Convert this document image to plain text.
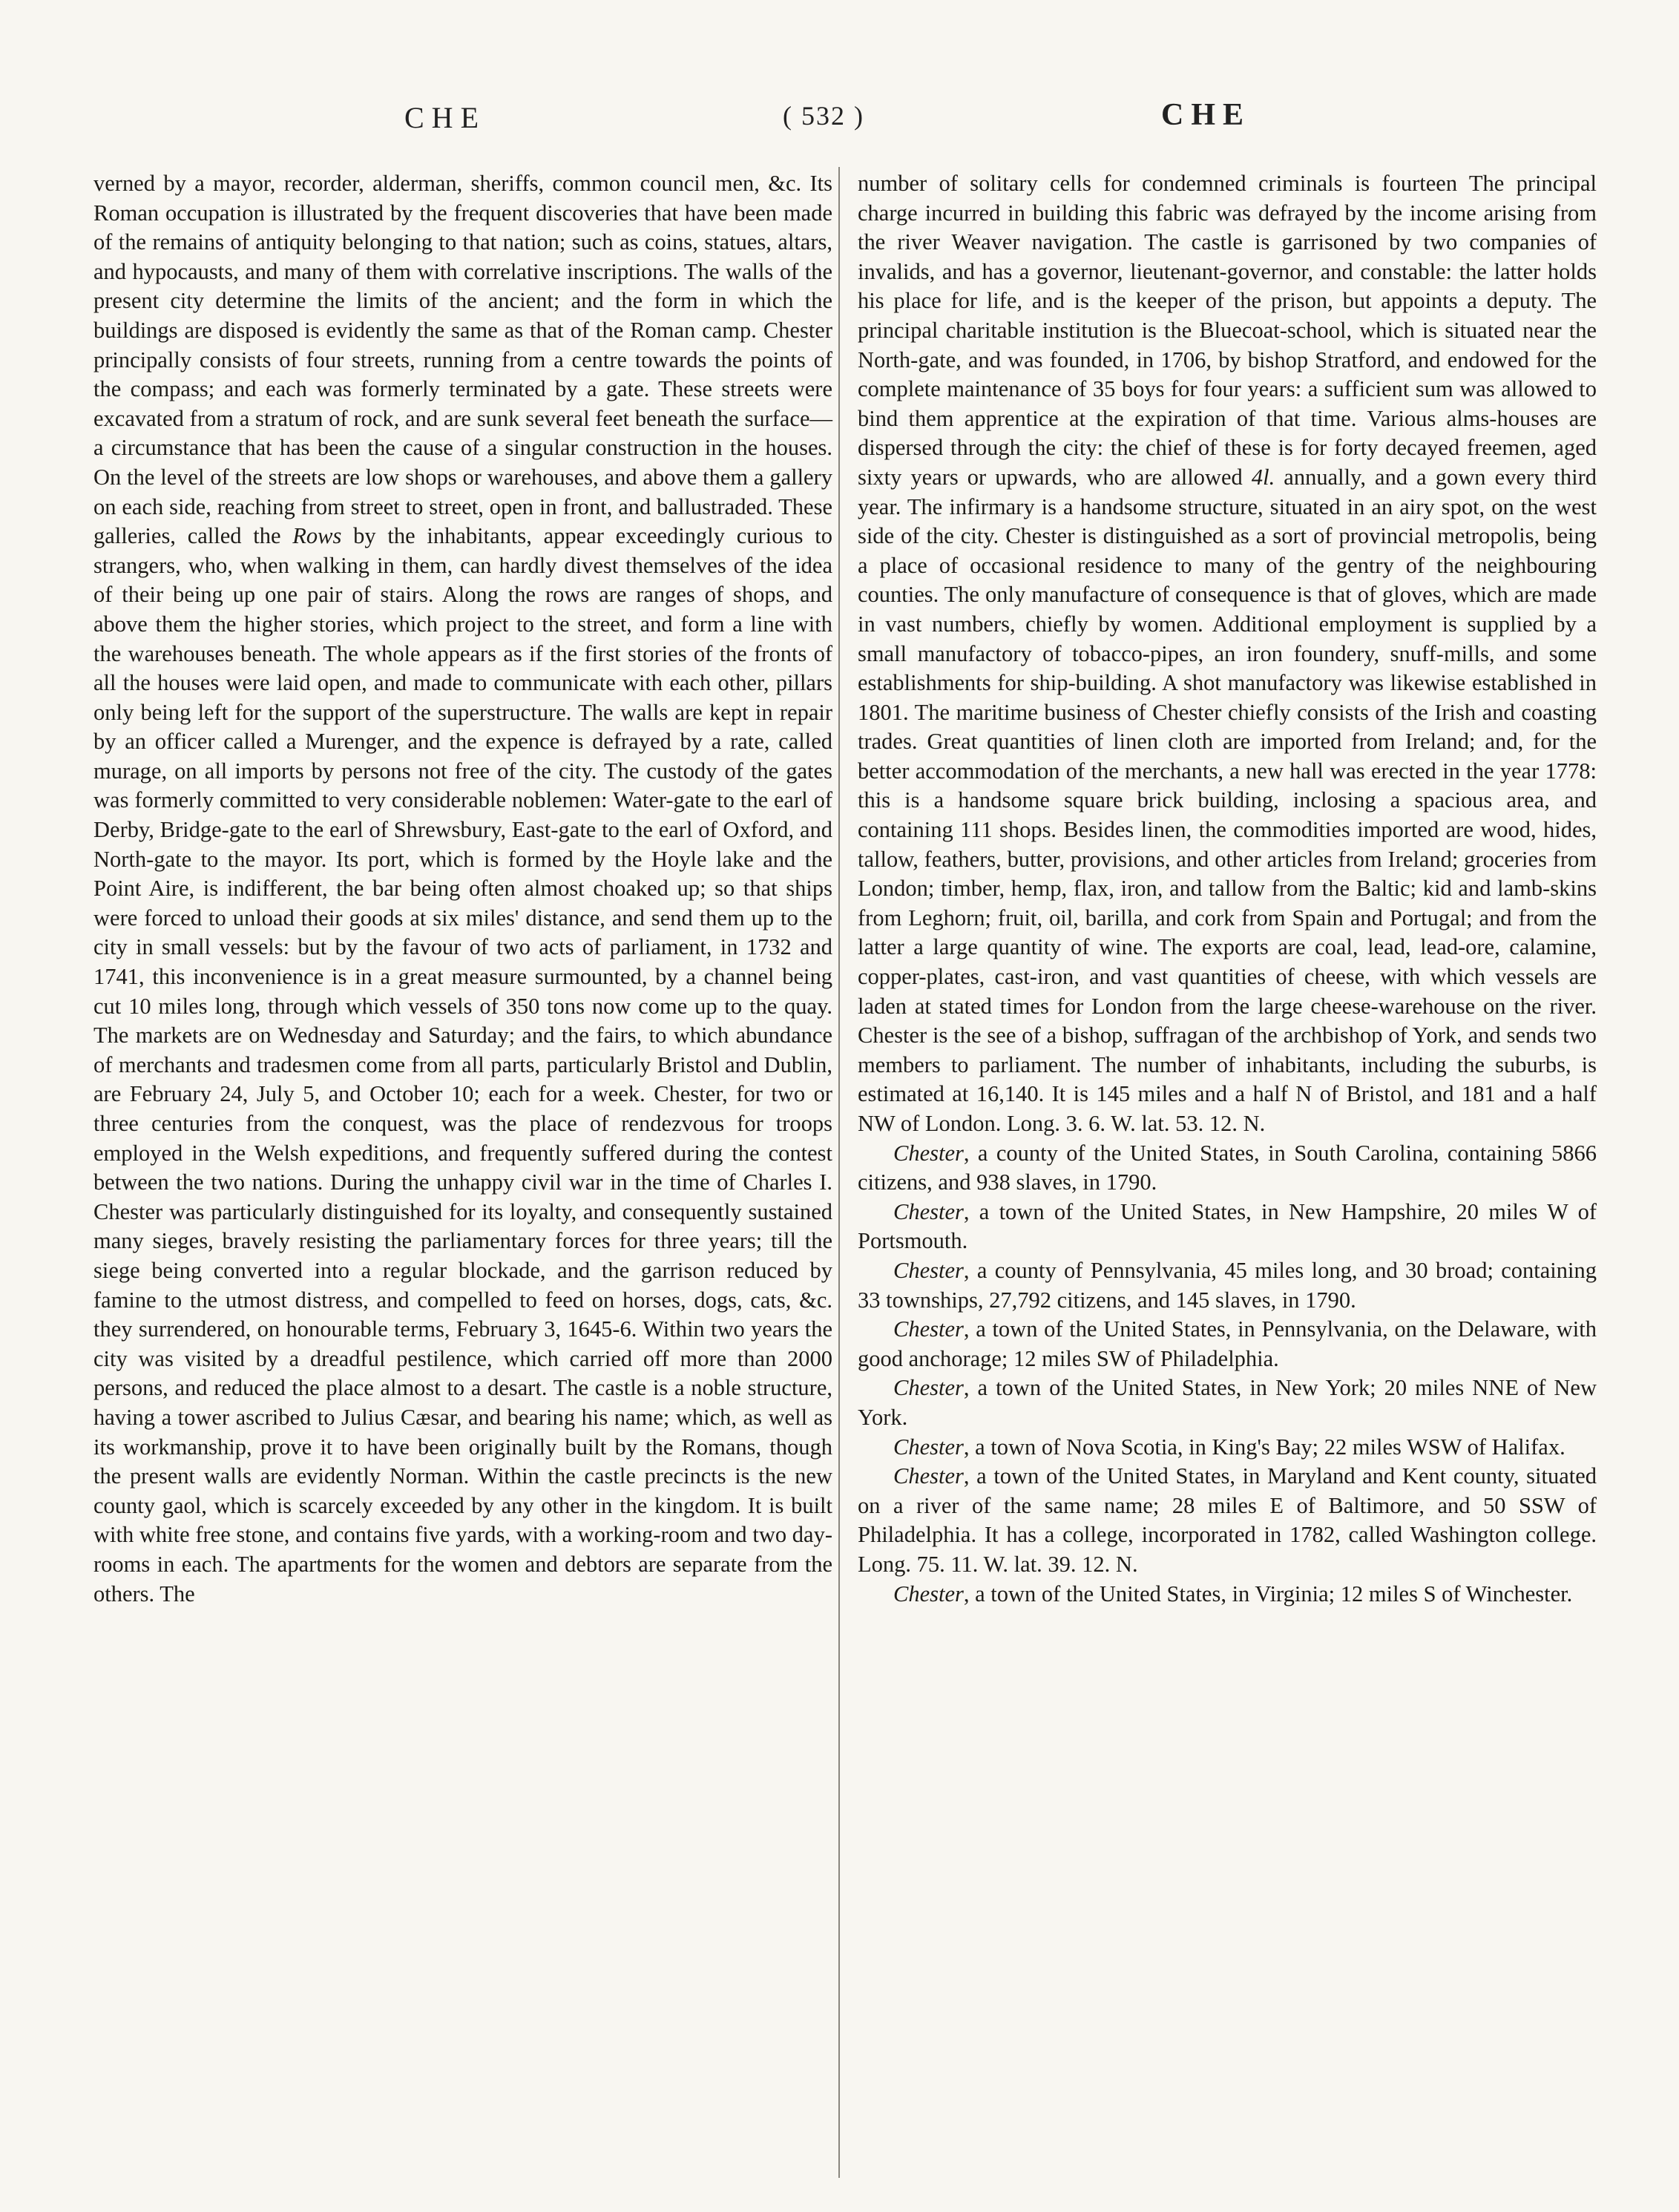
CHE	( 532 )	CHE

verned by a mayor, recorder, alderman, sheriffs, common council men, &c. Its Roman occupation is illustrated by the frequent discoveries that have been made of the remains of antiquity belonging to that nation; such as coins, statues, altars, and hypocausts, and many of them with correlative inscriptions. The walls of the present city determine the limits of the ancient; and the form in which the buildings are disposed is evidently the same as that of the Roman camp. Chester principally consists of four streets, running from a centre towards the points of the compass; and each was formerly terminated by a gate. These streets were excavated from a stratum of rock, and are sunk several feet beneath the surface—a circumstance that has been the cause of a singular construction in the houses. On the level of the streets are low shops or warehouses, and above them a gallery on each side, reaching from street to street, open in front, and ballustraded. These galleries, called the Rows by the inhabitants, appear exceedingly curious to strangers, who, when walking in them, can hardly divest themselves of the idea of their being up one pair of stairs. Along the rows are ranges of shops, and above them the higher stories, which project to the street, and form a line with the warehouses beneath. The whole appears as if the first stories of the fronts of all the houses were laid open, and made to communicate with each other, pillars only being left for the support of the superstructure. The walls are kept in repair by an officer called a Murenger, and the expence is defrayed by a rate, called murage, on all imports by persons not free of the city. The custody of the gates was formerly committed to very considerable noblemen: Water-gate to the earl of Derby, Bridge-gate to the earl of Shrewsbury, East-gate to the earl of Oxford, and North-gate to the mayor. Its port, which is formed by the Hoyle lake and the Point Aire, is indifferent, the bar being often almost choaked up; so that ships were forced to unload their goods at six miles' distance, and send them up to the city in small vessels: but by the favour of two acts of parliament, in 1732 and 1741, this inconvenience is in a great measure surmounted, by a channel being cut 10 miles long, through which vessels of 350 tons now come up to the quay. The markets are on Wednesday and Saturday; and the fairs, to which abundance of merchants and tradesmen come from all parts, particularly Bristol and Dublin, are February 24, July 5, and October 10; each for a week. Chester, for two or three centuries from the conquest, was the place of rendezvous for troops employed in the Welsh expeditions, and frequently suffered during the contest between the two nations. During the unhappy civil war in the time of Charles I. Chester was particularly distinguished for its loyalty, and consequently sustained many sieges, bravely resisting the parliamentary forces for three years; till the siege being converted into a regular blockade, and the garrison reduced by famine to the utmost distress, and compelled to feed on horses, dogs, cats, &c. they surrendered, on honourable terms, February 3, 1645-6. Within two years the city was visited by a dreadful pestilence, which carried off more than 2000 persons, and reduced the place almost to a desart. The castle is a noble structure, having a tower ascribed to Julius Cæsar, and bearing his name; which, as well as its workmanship, prove it to have been originally built by the Romans, though the present walls are evidently Norman. Within the castle precincts is the new county gaol, which is scarcely exceeded by any other in the kingdom. It is built with white free stone, and contains five yards, with a working-room and two day-rooms in each. The apartments for the women and debtors are separate from the others. The

number of solitary cells for condemned criminals is fourteen The principal charge incurred in building this fabric was defrayed by the income arising from the river Weaver navigation. The castle is garrisoned by two companies of invalids, and has a governor, lieutenant-governor, and constable: the latter holds his place for life, and is the keeper of the prison, but appoints a deputy. The principal charitable institution is the Bluecoat-school, which is situated near the North-gate, and was founded, in 1706, by bishop Stratford, and endowed for the complete maintenance of 35 boys for four years: a sufficient sum was allowed to bind them apprentice at the expiration of that time. Various alms-houses are dispersed through the city: the chief of these is for forty decayed freemen, aged sixty years or upwards, who are allowed 4l. annually, and a gown every third year. The infirmary is a handsome structure, situated in an airy spot, on the west side of the city. Chester is distinguished as a sort of provincial metropolis, being a place of occasional residence to many of the gentry of the neighbouring counties. The only manufacture of consequence is that of gloves, which are made in vast numbers, chiefly by women. Additional employment is supplied by a small manufactory of tobacco-pipes, an iron foundery, snuff-mills, and some establishments for ship-building. A shot manufactory was likewise established in 1801. The maritime business of Chester chiefly consists of the Irish and coasting trades. Great quantities of linen cloth are imported from Ireland; and, for the better accommodation of the merchants, a new hall was erected in the year 1778: this is a handsome square brick building, inclosing a spacious area, and containing 111 shops. Besides linen, the commodities imported are wood, hides, tallow, feathers, butter, provisions, and other articles from Ireland; groceries from London; timber, hemp, flax, iron, and tallow from the Baltic; kid and lamb-skins from Leghorn; fruit, oil, barilla, and cork from Spain and Portugal; and from the latter a large quantity of wine. The exports are coal, lead, lead-ore, calamine, copper-plates, cast-iron, and vast quantities of cheese, with which vessels are laden at stated times for London from the large cheese-warehouse on the river. Chester is the see of a bishop, suffragan of the archbishop of York, and sends two members to parliament. The number of inhabitants, including the suburbs, is estimated at 16,140. It is 145 miles and a half N of Bristol, and 181 and a half NW of London. Long. 3. 6. W. lat. 53. 12. N.

Chester, a county of the United States, in South Carolina, containing 5866 citizens, and 938 slaves, in 1790.

Chester, a town of the United States, in New Hampshire, 20 miles W of Portsmouth.

Chester, a county of Pennsylvania, 45 miles long, and 30 broad; containing 33 townships, 27,792 citizens, and 145 slaves, in 1790.

Chester, a town of the United States, in Pennsylvania, on the Delaware, with good anchorage; 12 miles SW of Philadelphia.

Chester, a town of the United States, in New York; 20 miles NNE of New York.

Chester, a town of Nova Scotia, in King's Bay; 22 miles WSW of Halifax.

Chester, a town of the United States, in Maryland and Kent county, situated on a river of the same name; 28 miles E of Baltimore, and 50 SSW of Philadelphia. It has a college, incorporated in 1782, called Washington college. Long. 75. 11. W. lat. 39. 12. N.

Chester, a town of the United States, in Virginia; 12 miles S of Winchester.
